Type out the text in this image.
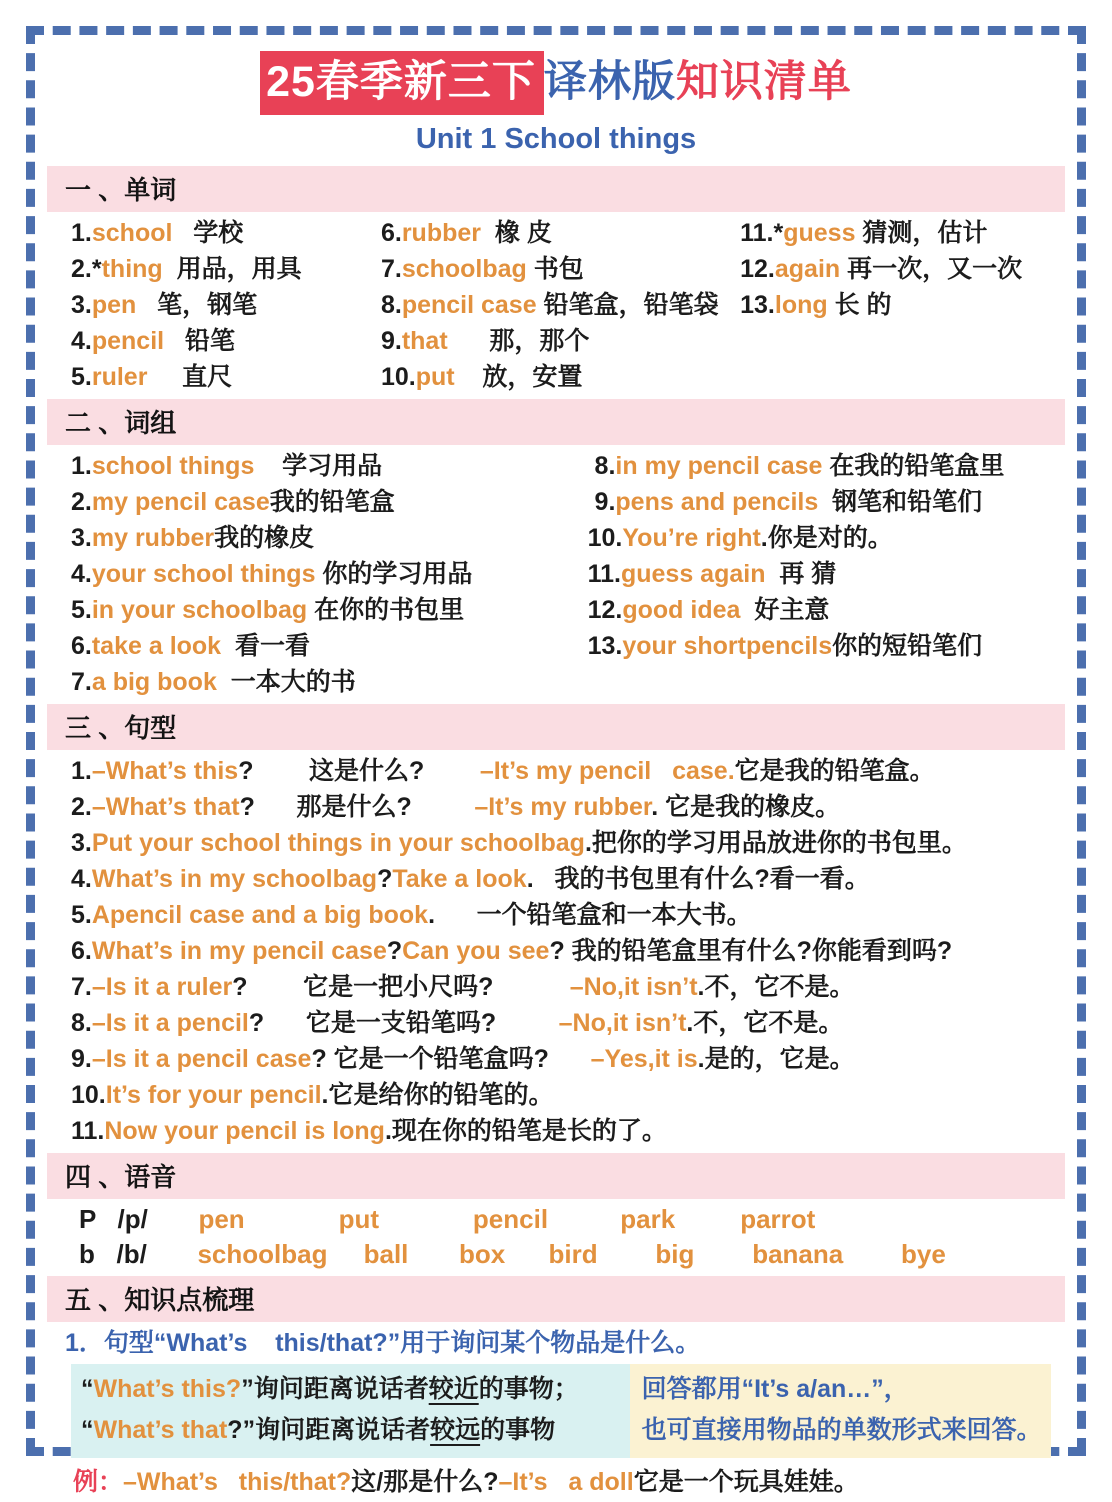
25春季新三下 译林版知识清单
Unit 1 School things
一 、单词
1.school   学校	6.rubber  橡 皮	11.*guess 猜测，估计
2.*thing  用品，用具	7.schoolbag 书包	12.again 再一次，又一次
3.pen   笔，钢笔	8.pencil case 铅笔盒，铅笔袋 13.long 长 的
4.pencil   铅笔	9.that      那，那个
5.ruler     直尺	10.put    放，安置
二 、词组
1.school things    学习用品	8.in my pencil case 在我的铅笔盒里
2.my pencil case我的铅笔盒	9.pens and pencils  钢笔和铅笔们
3.my rubber我的橡皮	10.You’re right.你是对的。
4.your school things 你的学习用品	11.guess again  再 猜
5.in your schoolbag 在你的书包里	12.good idea  好主意
6.take a look  看一看	13.your shortpencils你的短铅笔们
7.a big book  一本大的书
三 、句型
1.–What’s this?        这是什么? –It’s my pencil   case.它是我的铅笔盒。
2.–What’s that?      那是什么?	–It’s my rubber. 它是我的橡皮。
3.Put your school things in your schoolbag.把你的学习用品放进你的书包里。
4.What’s in my schoolbag?Take a look.   我的书包里有什么?看一看。
5.Apencil case and a big book.      一个铅笔盒和一本大书。
6.What’s in my pencil case?Can you see? 我的铅笔盒里有什么?你能看到吗?
7.–Is it a ruler?        它是一把小尺吗?	–No,it isn’t.不，它不是。
8.–Is it a pencil?      它是一支铅笔吗?	–No,it isn’t.不，它不是。
9.–Is it a pencil case? 它是一个铅笔盒吗? –Yes,it is.是的，它是。
10.It’s for your pencil.它是给你的铅笔的。
11.Now your pencil is long.现在你的铅笔是长的了。
四 、语音
P   /p/ pen             put             pencil          park         parrot
b   /b/ schoolbag     ball       box      bird        big        banana        bye
五 、知识点梳理
1．句型“What’s    this/that?”用于询问某个物品是什么。
“What’s this?”询问距离说话者较近的事物；
“What’s that?”询问距离说话者较远的事物
回答都用“It’s a/an…”，
也可直接用物品的单数形式来回答。
例：–What’s   this/that?这/那是什么?–It’s   a doll它是一个玩具娃娃。
